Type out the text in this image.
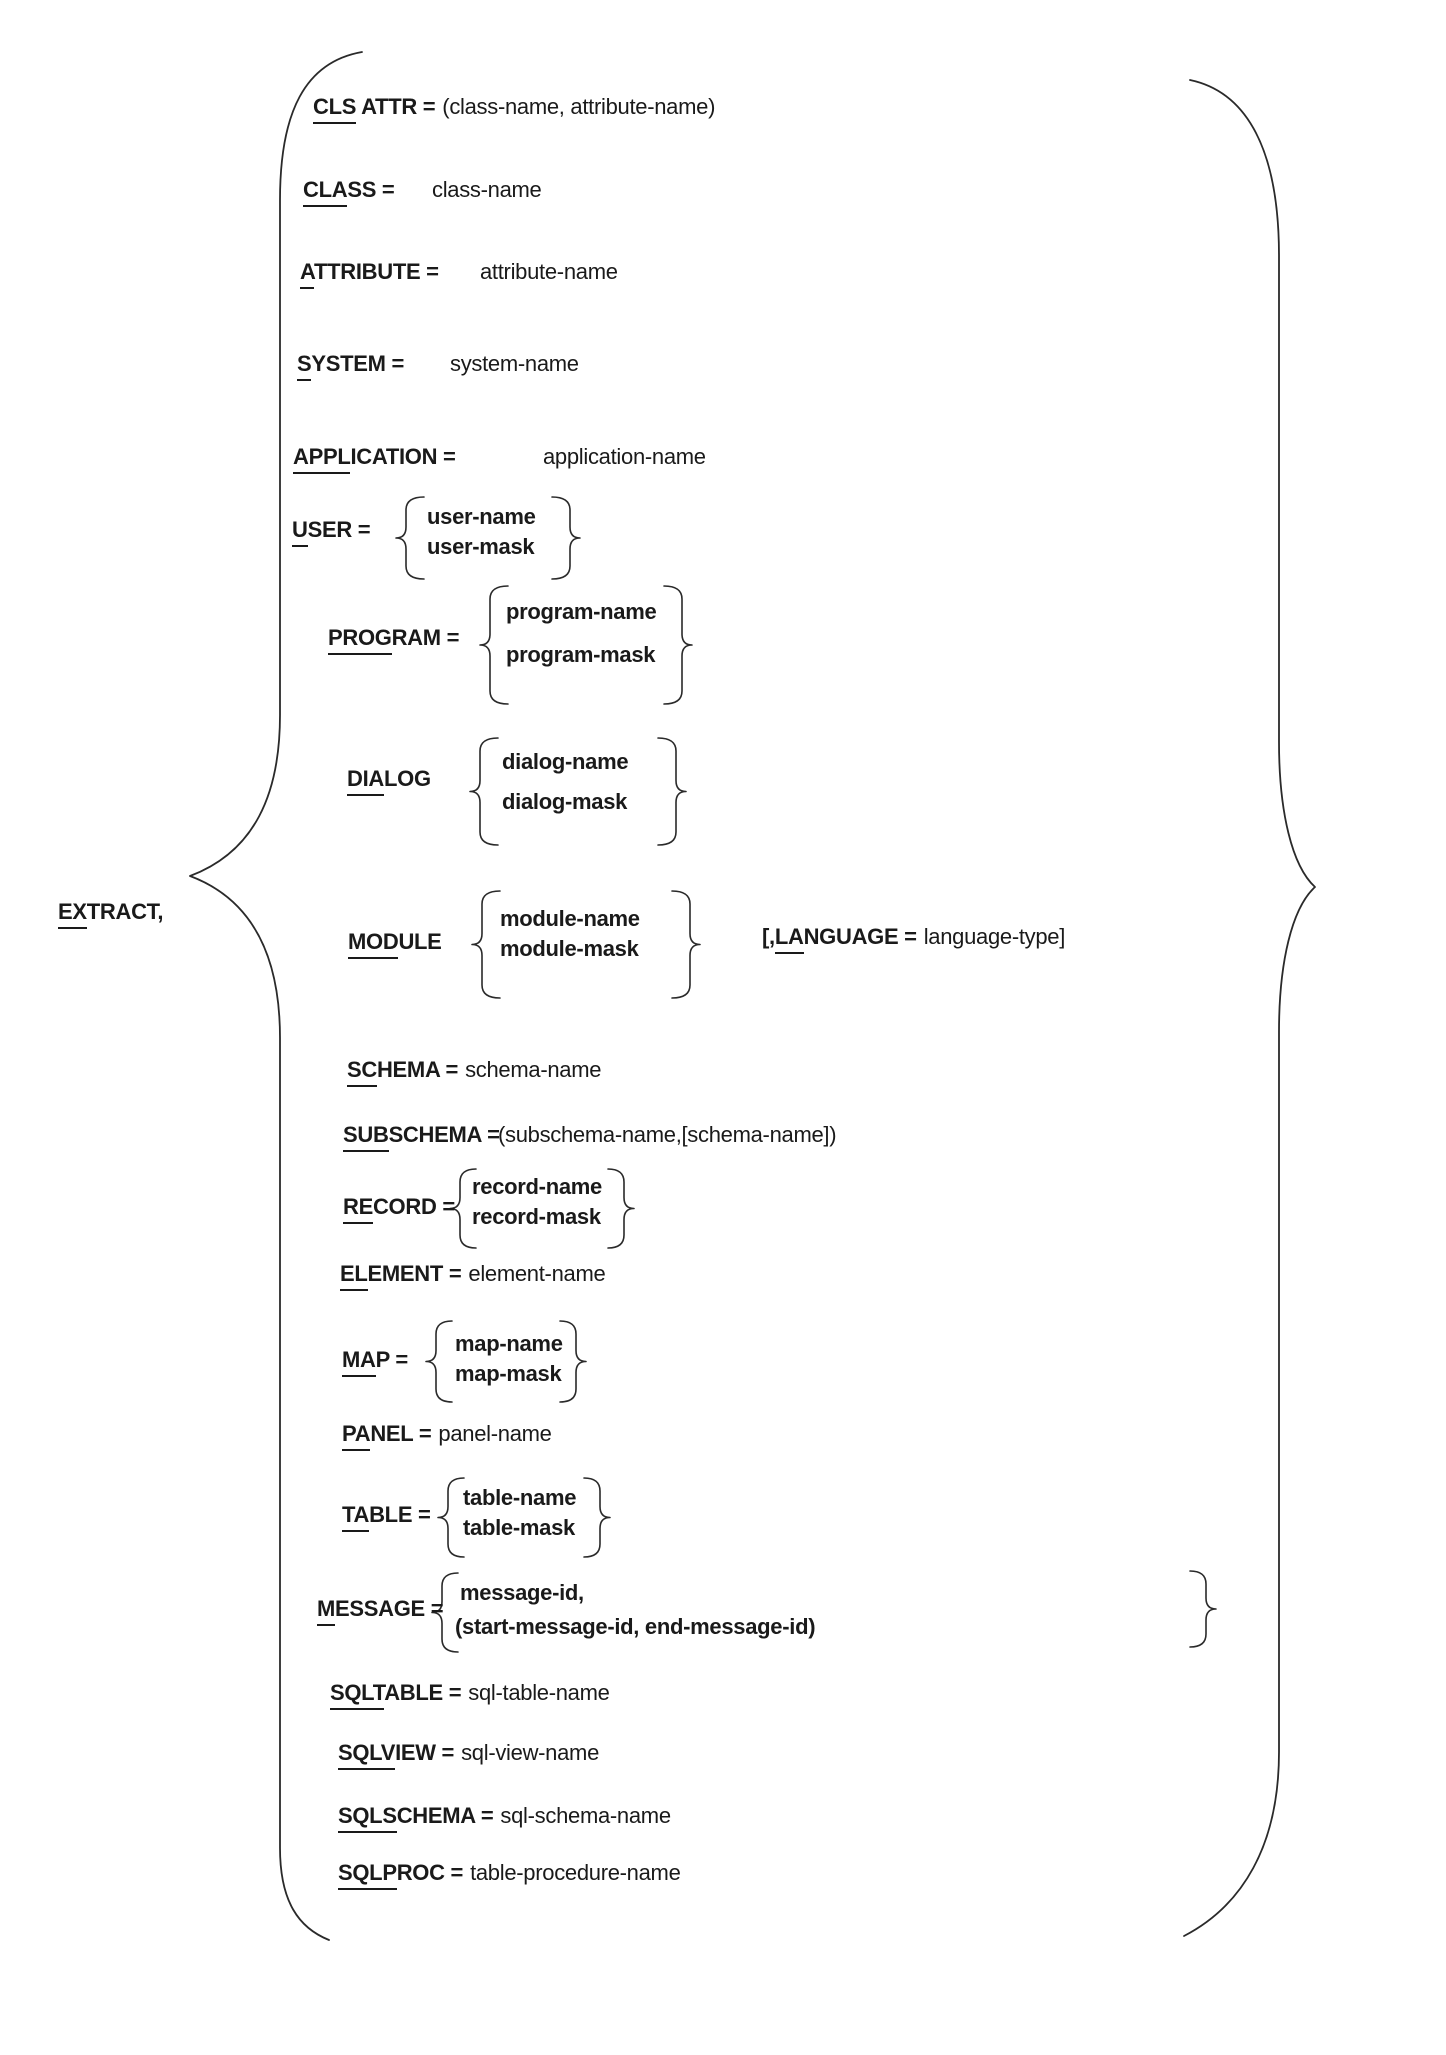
EXTRACT,
CLS ATTR = (class-name, attribute-name)
CLASS = class-name
ATTRIBUTE = attribute-name
SYSTEM = system-name
APPLICATION =	application-name
USER =
user-name
user-mask
PROGRAM =
program-name
program-mask
DIALOG
dialog-name
dialog-mask
MODULE
module-name
module-mask	[,LANGUAGE = language-type]
SCHEMA = schema-name
SUBSCHEMA =
(subschema-name,[schema-name])
RECORD =
record-name
record-mask
ELEMENT = element-name
MAP =
map-name
map-mask
PANEL = panel-name
TABLE =
table-name
table-mask
MESSAGE =
message-id,
(start-message-id, end-message-id)
SQLTABLE = sql-table-name
SQLVIEW = sql-view-name
SQLSCHEMA = sql-schema-name
SQLPROC = table-procedure-name
